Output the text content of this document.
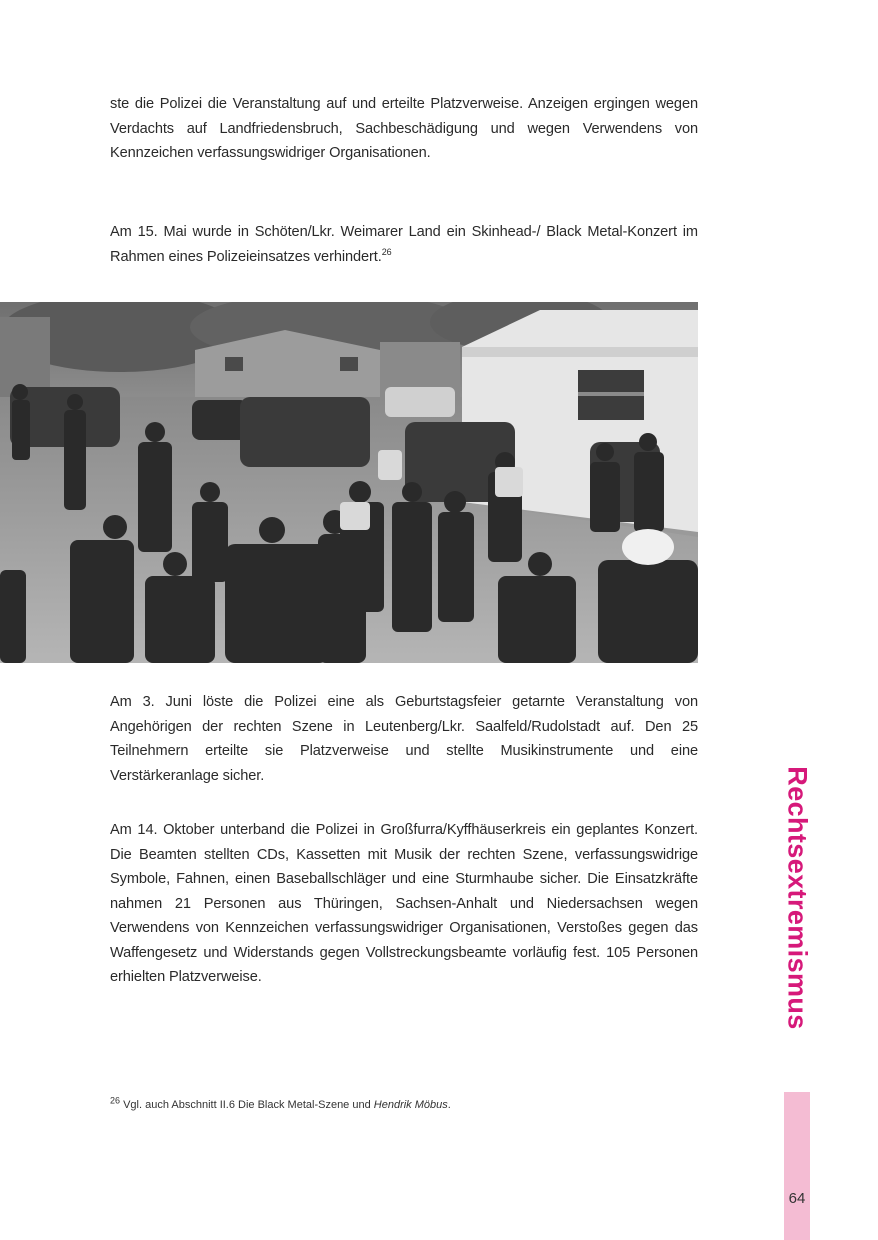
ste die Polizei die Veranstaltung auf und erteilte Platzverweise. Anzeigen ergingen wegen Verdachts auf Landfriedensbruch, Sachbeschädigung und wegen Verwendens von Kennzeichen verfassungswidriger Organisationen.

Am 15. Mai wurde in Schöten/Lkr. Weimarer Land ein Skinhead-/ Black Metal-Konzert im Rahmen eines Polizeieinsatzes verhindert.$^{26}$

Am 3. Juni löste die Polizei eine als Geburtstagsfeier getarnte Veranstaltung von Angehörigen der rechten Szene in Leutenberg/Lkr. Saalfeld/Rudolstadt auf. Den 25 Teilnehmern erteilte sie Platzverweise und stellte Musikinstrumente und eine Verstärkeranlage sicher.

Am 14. Oktober unterband die Polizei in Großfurra/Kyffhäuserkreis ein geplantes Konzert. Die Beamten stellten CDs, Kassetten mit Musik der rechten Szene, verfassungswidrige Symbole, Fahnen, einen Baseballschläger und eine Sturmhaube sicher. Die Einsatzkräfte nahmen 21 Personen aus Thüringen, Sachsen-Anhalt und Niedersachsen wegen Verwendens von Kennzeichen verfassungswidriger Organisationen, Verstoßes gegen das Waffengesetz und Widerstands gegen Vollstreckungsbeamte vorläufig fest. 105 Personen erhielten Platzverweise.

$^{26}$ Vgl. auch Abschnitt II.6 Die Black Metal-Szene und Hendrik Möbus.
Rechtsextremismus
64
